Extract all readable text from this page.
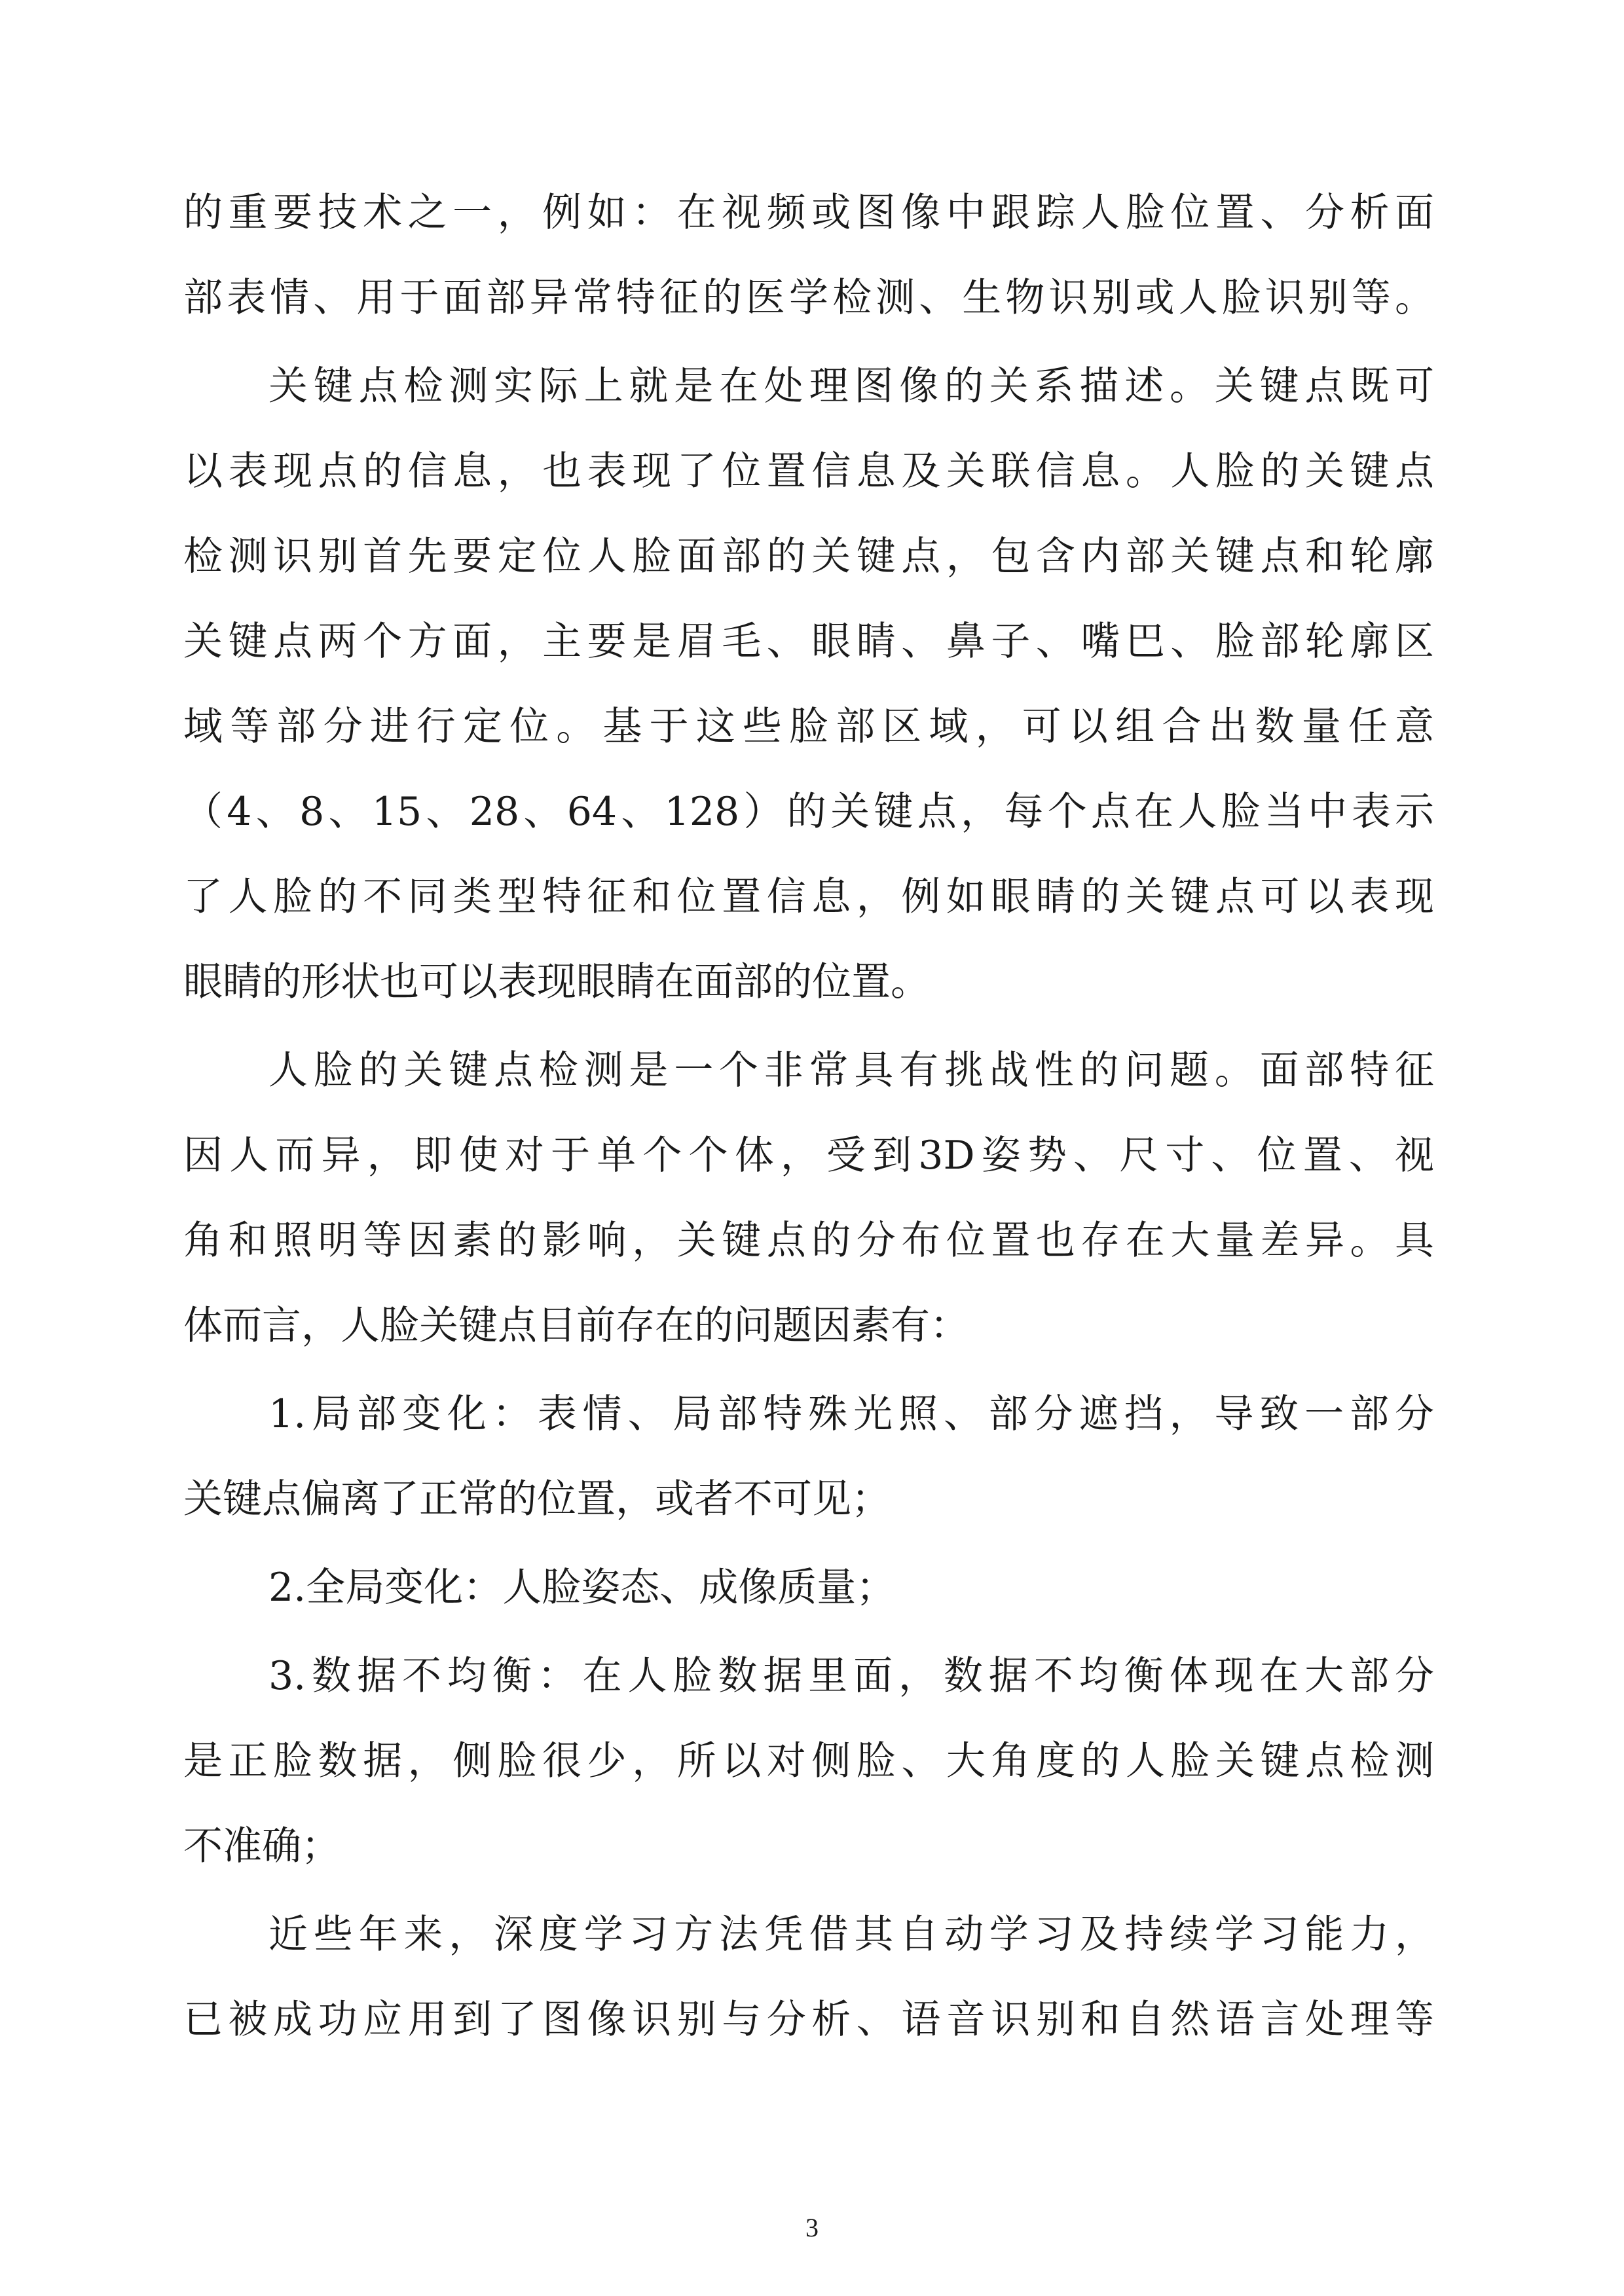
的重要技术之一，例如：在视频或图像中跟踪人脸位置、分析面
部表情、用于面部异常特征的医学检测、生物识别或人脸识别等。
关键点检测实际上就是在处理图像的关系描述。关键点既可
以表现点的信息，也表现了位置信息及关联信息。人脸的关键点
检测识别首先要定位人脸面部的关键点，包含内部关键点和轮廓
关键点两个方面，主要是眉毛、眼睛、鼻子、嘴巴、脸部轮廓区
域等部分进行定位。基于这些脸部区域，可以组合出数量任意
（4、8、15、28、64、128）的关键点，每个点在人脸当中表示
了人脸的不同类型特征和位置信息，例如眼睛的关键点可以表现
眼睛的形状也可以表现眼睛在面部的位置。
人脸的关键点检测是一个非常具有挑战性的问题。面部特征
因人而异，即使对于单个个体，受到3D姿势、尺寸、位置、视
角和照明等因素的影响，关键点的分布位置也存在大量差异。具
体而言，人脸关键点目前存在的问题因素有：
1.局部变化：表情、局部特殊光照、部分遮挡，导致一部分
关键点偏离了正常的位置，或者不可见；
2.全局变化：人脸姿态、成像质量；
3.数据不均衡：在人脸数据里面，数据不均衡体现在大部分
是正脸数据，侧脸很少，所以对侧脸、大角度的人脸关键点检测
不准确；
近些年来，深度学习方法凭借其自动学习及持续学习能力，
已被成功应用到了图像识别与分析、语音识别和自然语言处理等
3
